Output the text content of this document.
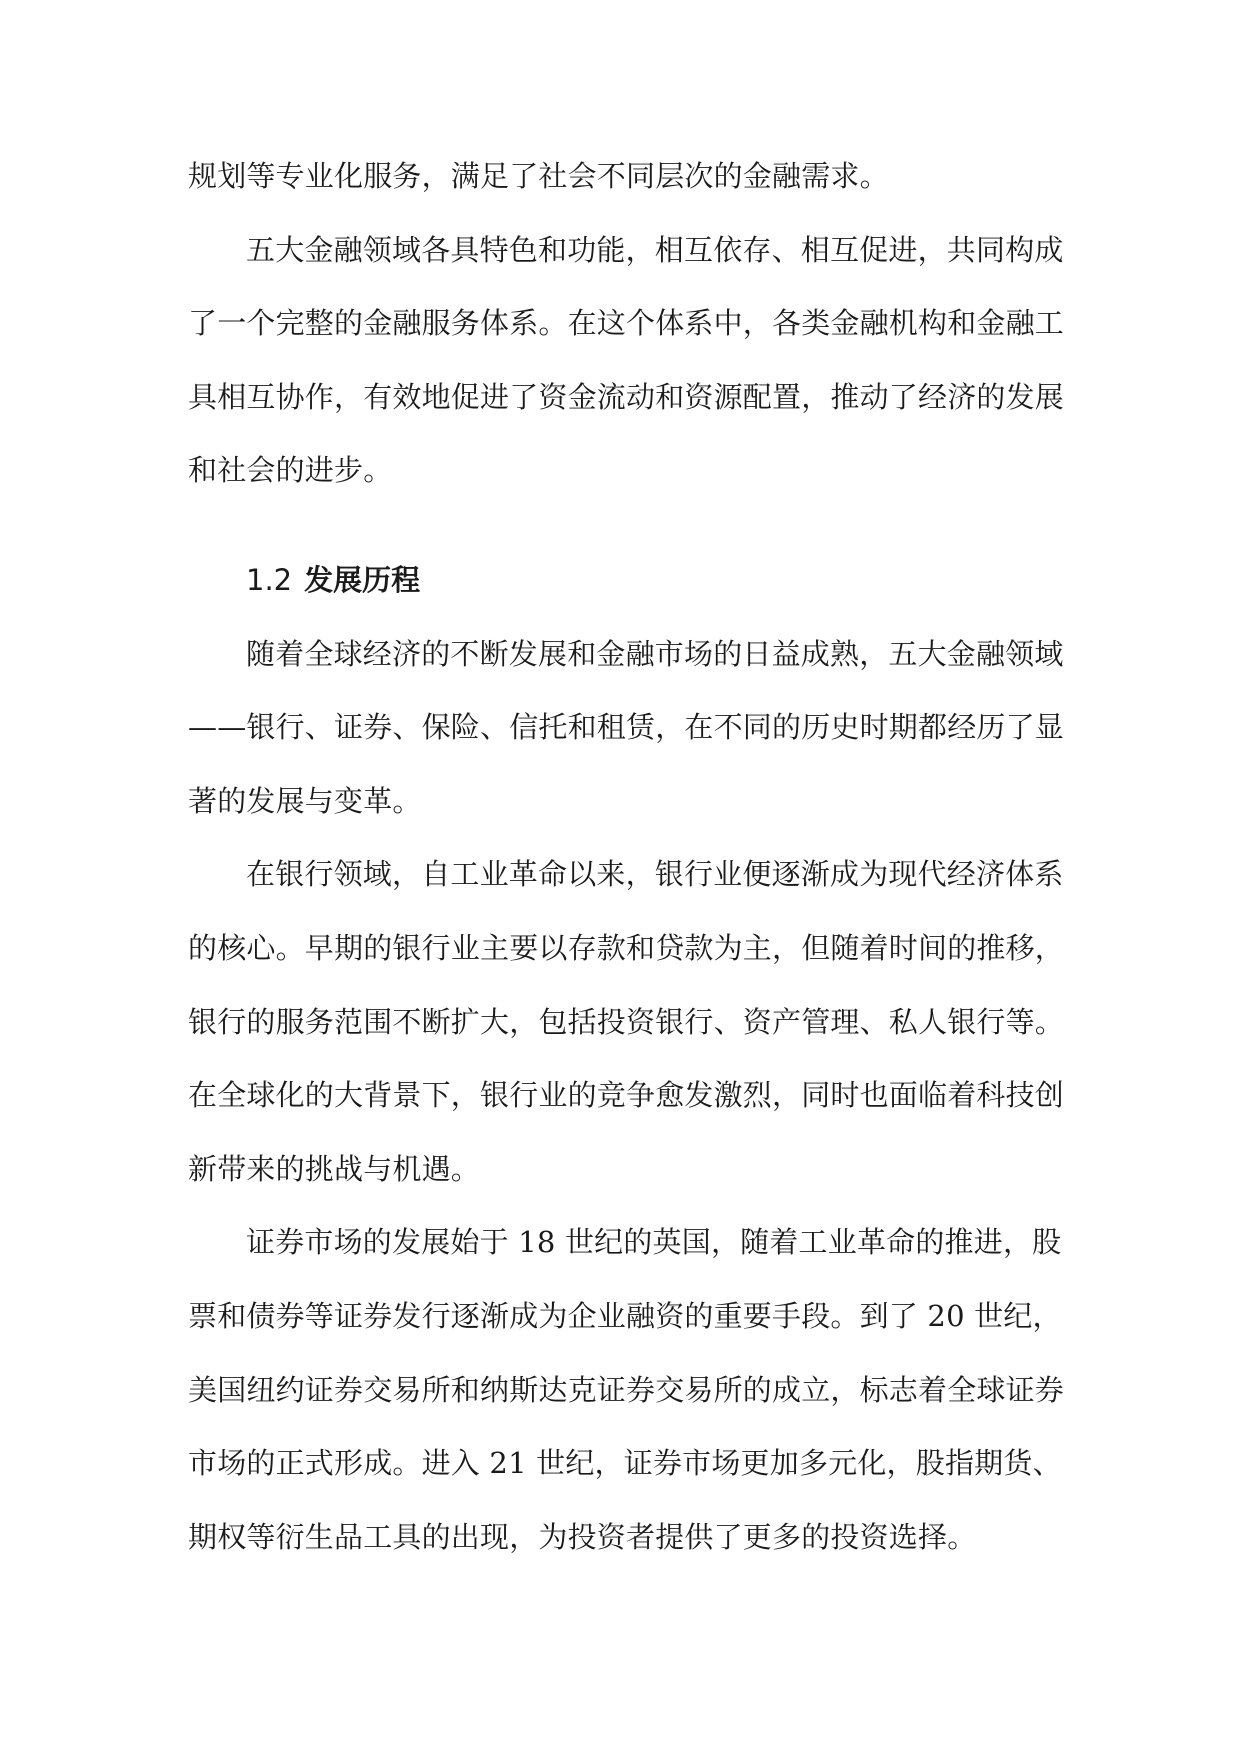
规划等专业化服务，满足了社会不同层次的金融需求。
五大金融领域各具特色和功能，相互依存、相互促进，共同构成
了一个完整的金融服务体系。在这个体系中，各类金融机构和金融工
具相互协作，有效地促进了资金流动和资源配置，推动了经济的发展
和社会的进步。
1.2 发展历程
随着全球经济的不断发展和金融市场的日益成熟，五大金融领域
——银行、证券、保险、信托和租赁，在不同的历史时期都经历了显
著的发展与变革。
在银行领域，自工业革命以来，银行业便逐渐成为现代经济体系
的核心。早期的银行业主要以存款和贷款为主，但随着时间的推移，
银行的服务范围不断扩大，包括投资银行、资产管理、私人银行等。
在全球化的大背景下，银行业的竞争愈发激烈，同时也面临着科技创
新带来的挑战与机遇。
证券市场的发展始于 18 世纪的英国，随着工业革命的推进，股
票和债券等证券发行逐渐成为企业融资的重要手段。到了 20 世纪，
美国纽约证券交易所和纳斯达克证券交易所的成立，标志着全球证券
市场的正式形成。进入 21 世纪，证券市场更加多元化，股指期货、
期权等衍生品工具的出现，为投资者提供了更多的投资选择。
